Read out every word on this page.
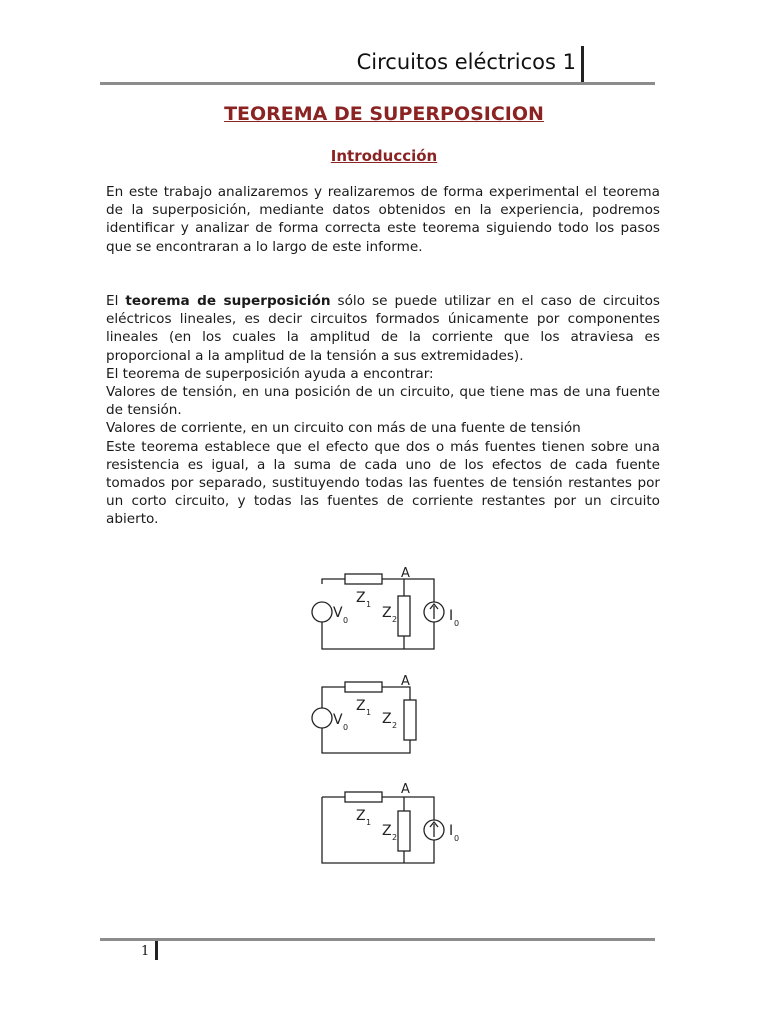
Circuitos eléctricos 1
TEOREMA DE SUPERPOSICION
Introducción

En este trabajo analizaremos y realizaremos de forma experimental el teorema de la superposición, mediante datos obtenidos en la experiencia, podremos identificar y analizar de forma correcta este teorema siguiendo todo los pasos que se encontraran a lo largo de este informe.

El teorema de superposición sólo se puede utilizar en el caso de circuitos eléctricos lineales, es decir circuitos formados únicamente por componentes lineales (en los cuales la amplitud de la corriente que los atraviesa es proporcional a la amplitud de la tensión a sus extremidades).

El teorema de superposición ayuda a encontrar:

Valores de tensión, en una posición de un circuito, que tiene mas de una fuente de tensión.

Valores de corriente, en un circuito con más de una fuente de tensión

Este teorema establece que el efecto que dos o más fuentes tienen sobre una resistencia es igual, a la suma de cada uno de los efectos de cada fuente tomados por separado, sustituyendo todas las fuentes de tensión restantes por un corto circuito, y todas las fuentes de corriente restantes por un circuito abierto.

A
Z 1
Z 2
V 0	I 0
A
Z 1 Z 2
V 0
A
Z 1
Z 2	I 0
1
